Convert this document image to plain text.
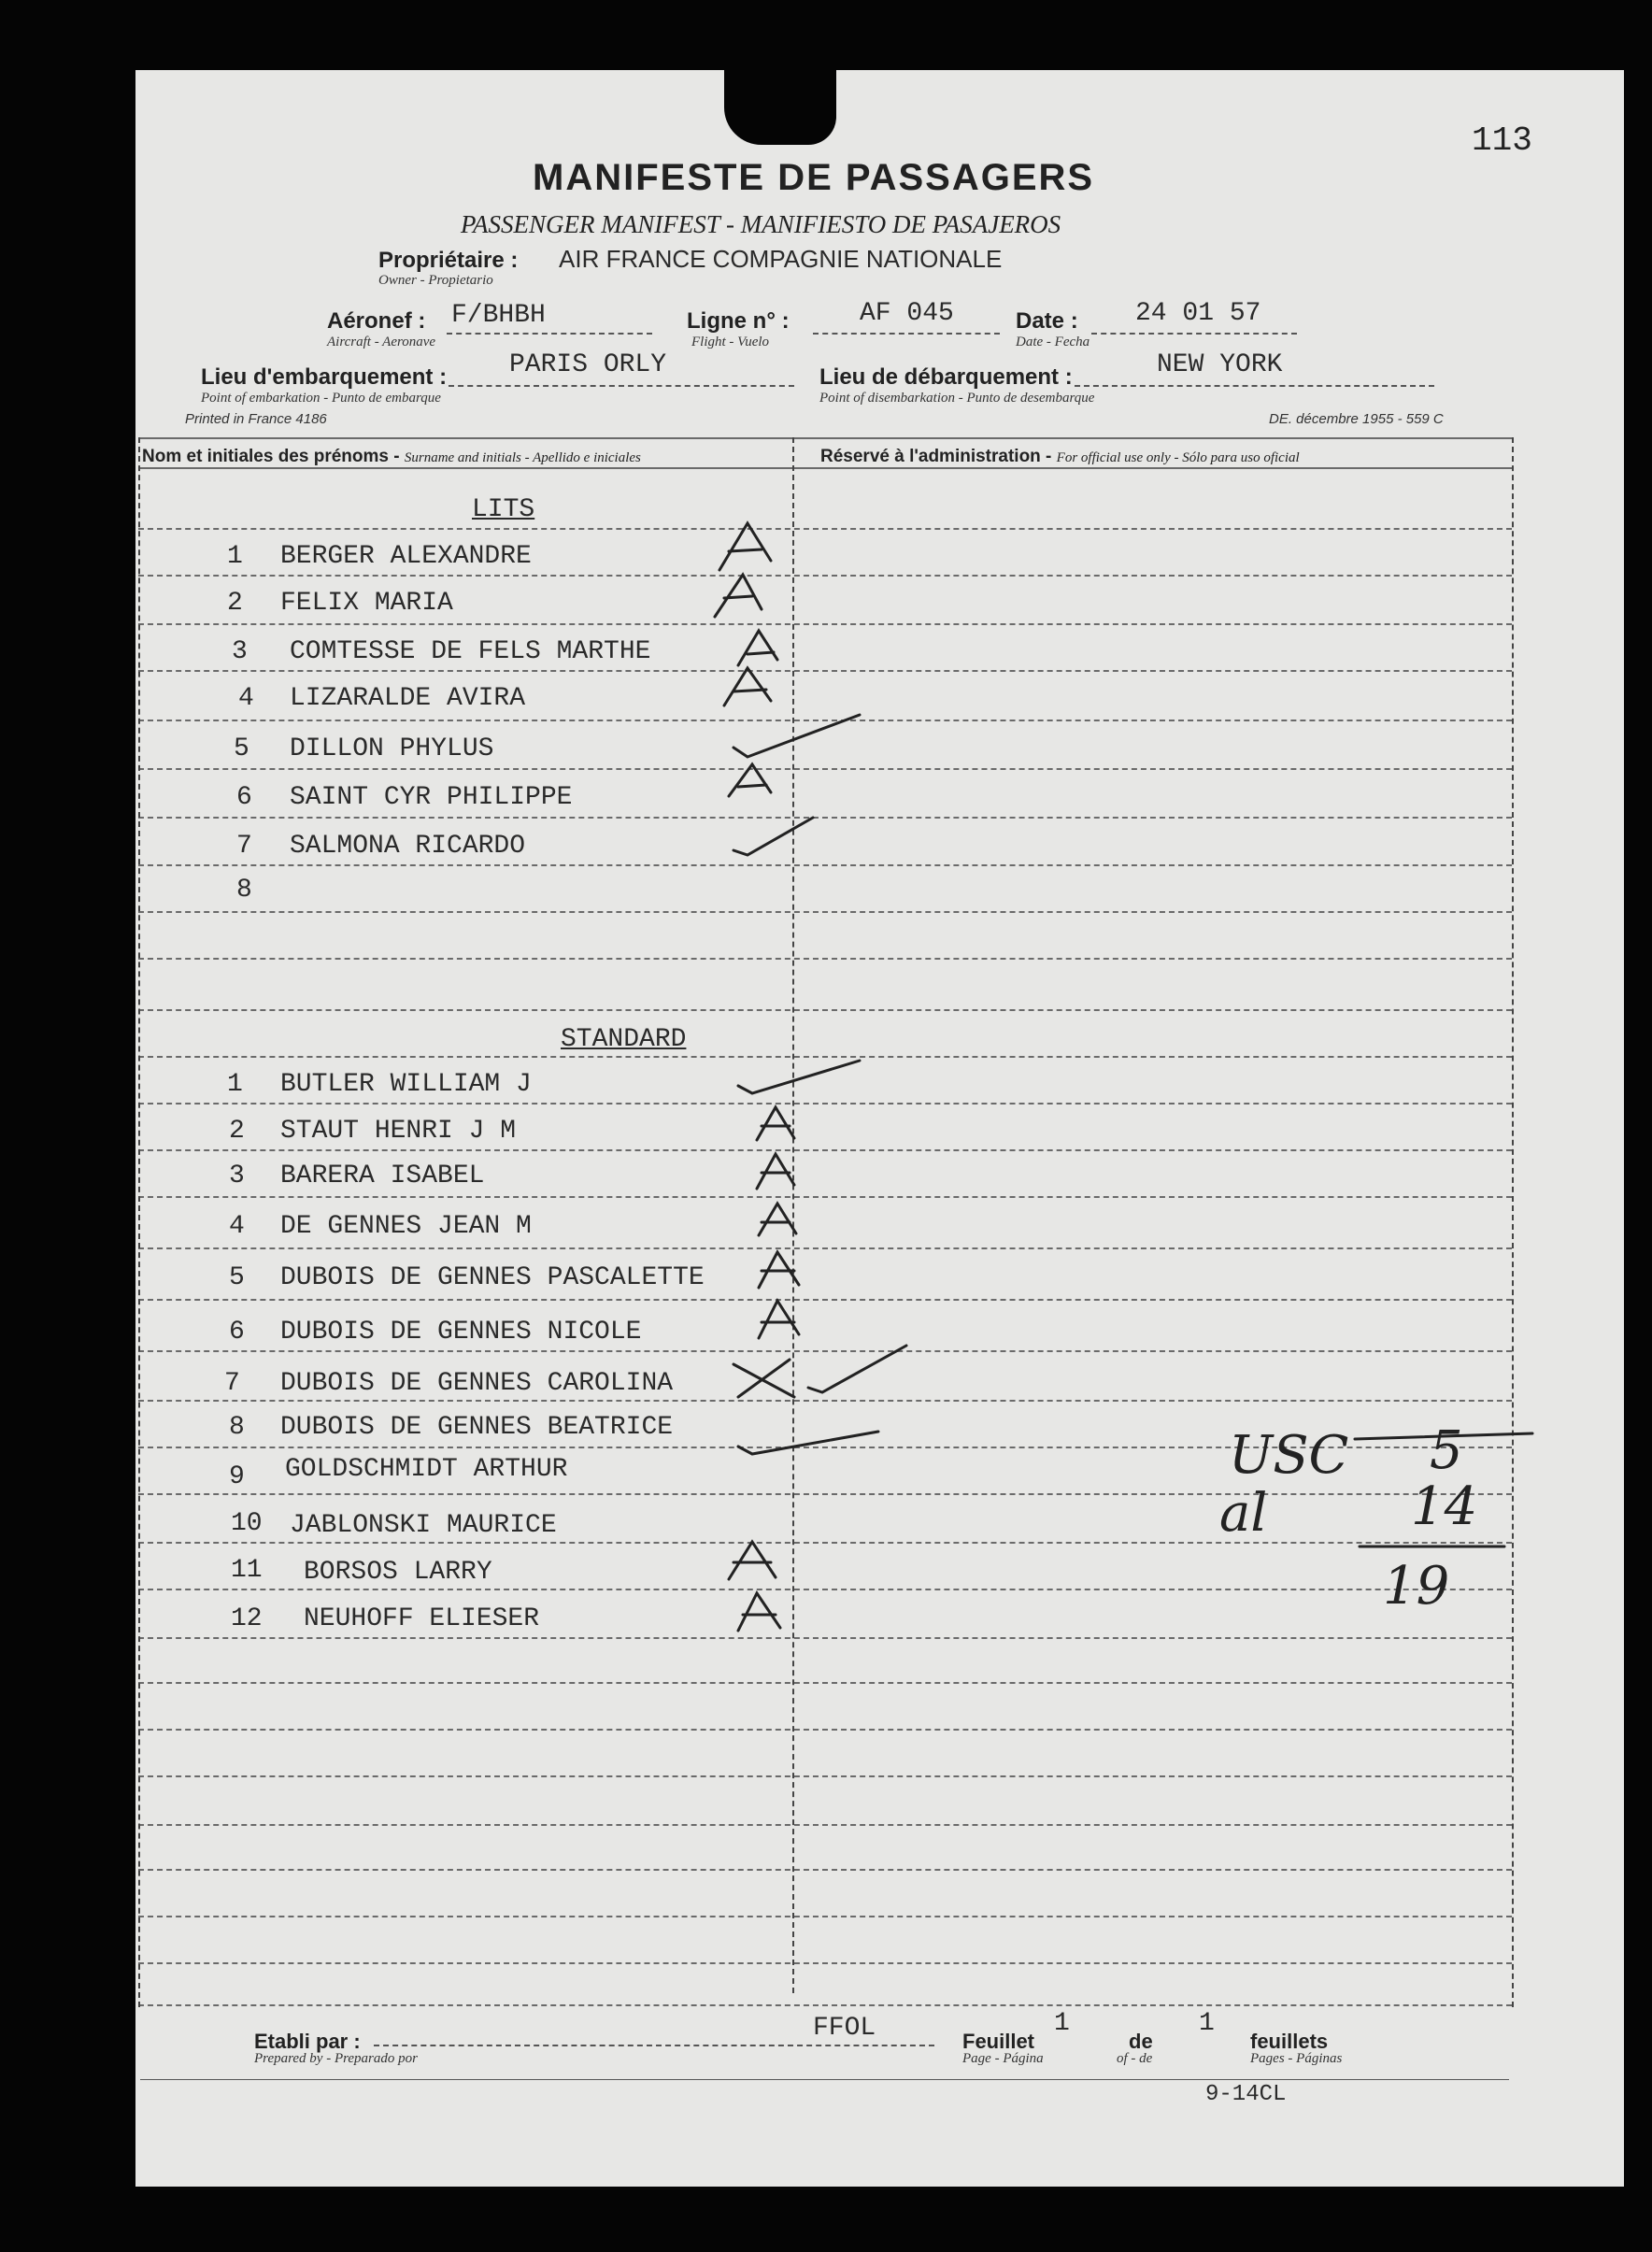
113
MANIFESTE DE PASSAGERS
PASSENGER MANIFEST - MANIFIESTO DE PASAJEROS
Propriétaire :
Owner - Propietario
AIR FRANCE COMPAGNIE NATIONALE
Aéronef :
Aircraft - Aeronave
F/BHBH	Ligne n° :
Flight - Vuelo
AF 045	Date :
Date - Fecha
24 01 57
Lieu d'embarquement :
Point of embarkation - Punto de embarque
PARIS ORLY	Lieu de débarquement :
Point of disembarkation - Punto de desembarque
NEW YORK
Printed in France 4186	DE. décembre 1955 - 559 C
Nom et initiales des prénoms - Surname and initials - Apellido e iniciales	Réservé à l'administration - For official use only - Sólo para uso oficial
LITS
STANDARD
1 BERGER ALEXANDRE
2 FELIX MARIA
3 COMTESSE DE FELS MARTHE
4 LIZARALDE AVIRA
5 DILLON PHYLUS
6 SAINT CYR PHILIPPE
7 SALMONA RICARDO
8
1 BUTLER WILLIAM J
2 STAUT HENRI J M
3 BARERA ISABEL
4 DE GENNES JEAN M
5 DUBOIS DE GENNES PASCALETTE
6 DUBOIS DE GENNES NICOLE
7 DUBOIS DE GENNES CAROLINA
8 DUBOIS DE GENNES BEATRICE
9 GOLDSCHMIDT ARTHUR
10 JABLONSKI MAURICE
11 BORSOS LARRY
12 NEUHOFF ELIESER
USC 5
al	14
19
Etabli par :
Prepared by - Preparado por
FFOL	Feuillet
Page - Página
1
de
of - de
1
feuillets
Pages - Páginas
9-14CL
